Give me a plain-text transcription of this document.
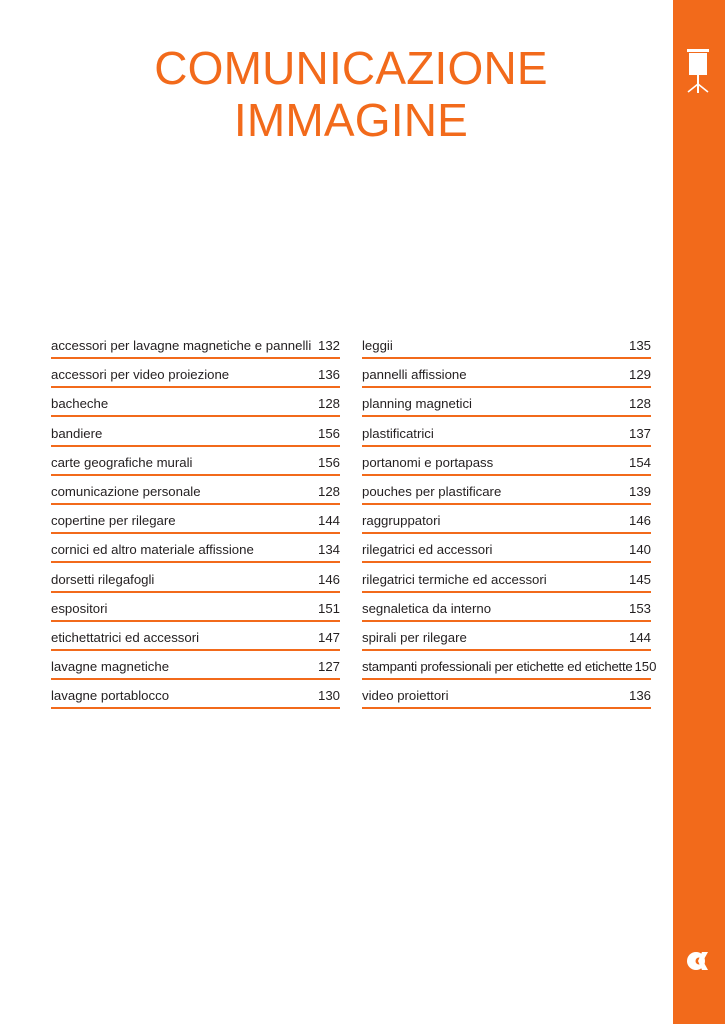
COMUNICAZIONE
IMMAGINE
accessori per lavagne magnetiche e pannelli 132
accessori per video proiezione	136
bacheche	128
bandiere	156
carte geografiche murali	156
comunicazione personale	128
copertine per rilegare	144
cornici ed altro materiale affissione	134
dorsetti rilegafogli	146
espositori	151
etichettatrici ed accessori	147
lavagne magnetiche	127
lavagne portablocco	130
leggii	135
pannelli affissione	129
planning magnetici	128
plastificatrici	137
portanomi e portapass	154
pouches per plastificare	139
raggruppatori	146
rilegatrici ed accessori	140
rilegatrici termiche ed accessori	145
segnaletica da interno	153
spirali per rilegare	144
stampanti professionali per etichette ed etichette 150
video proiettori	136
